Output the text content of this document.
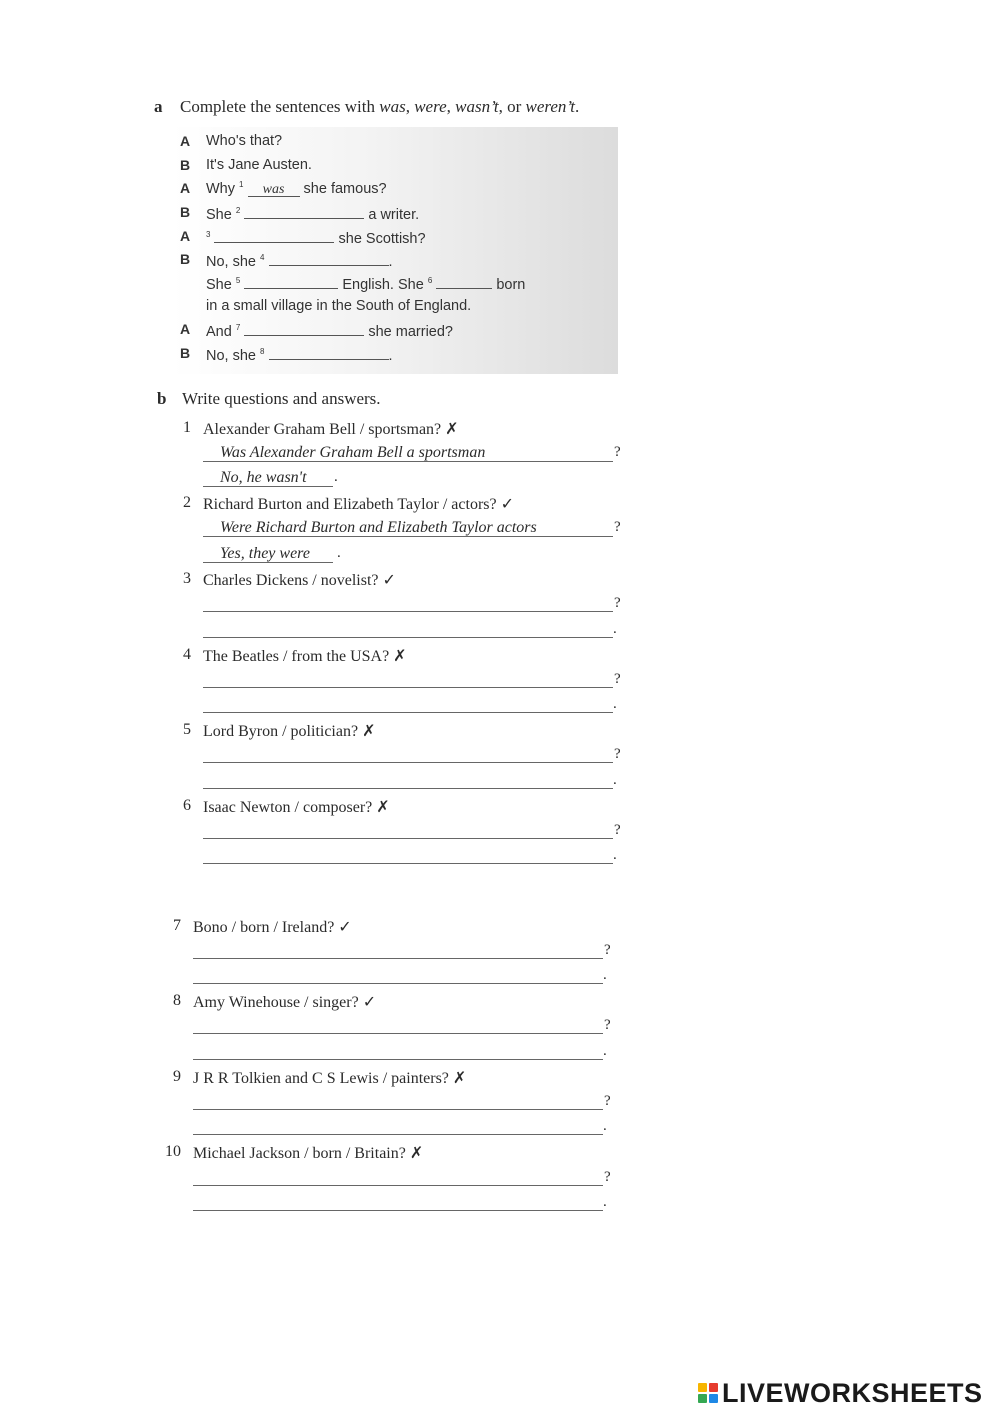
a Complete the sentences with was, were, wasn’t, or weren’t.
A Who's that?
B It's Jane Austen.
A Why $^1$ was she famous?
B She $^2$	a writer.
A $^3$	she Scottish?
B No, she $^4$	.
She $^5$	English. She $^6$	born
in a small village in the South of England.
A And $^7$	she married?
B No, she $^8$	.
b Write questions and answers.
1 Alexander Graham Bell / sportsman? ✗
Was Alexander Graham Bell a sportsman	?
No, he wasn't .
2 Richard Burton and Elizabeth Taylor / actors? ✓
Were Richard Burton and Elizabeth Taylor actors	?
Yes, they were .
3 Charles Dickens / novelist? ✓
?
.
4 The Beatles / from the USA? ✗
?
.
5 Lord Byron / politician? ✗
?
.
6 Isaac Newton / composer? ✗
?
.
7 Bono / born / Ireland? ✓
?
.
8 Amy Winehouse / singer? ✓
?
.
9 J R R Tolkien and C S Lewis / painters? ✗
?
.
10 Michael Jackson / born / Britain? ✗
?
.
LIVEWORKSHEETS
